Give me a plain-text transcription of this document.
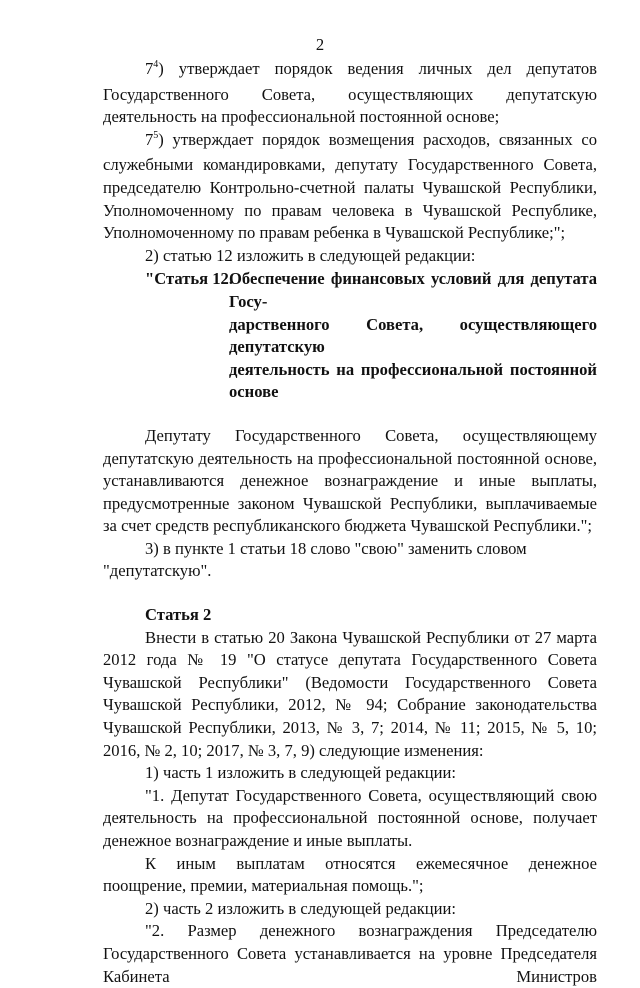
2

$7^4$) утверждает порядок ведения личных дел депутатов Государственного Совета, осуществляющих депутатскую деятельность на профессиональной постоянной основе;

$7^5$) утверждает порядок возмещения расходов, связанных со служебными командировками, депутату Государственного Совета, председателю Контрольно-счетной палаты Чувашской Республики, Уполномоченному по правам человека в Чувашской Республике, Уполномоченному по правам ребенка в Чувашской Республике;";

2) статью 12 изложить в следующей редакции:

"Статья 12.
Обеспечение финансовых условий для депутата Госу-
дарственного Совета, осуществляющего депутатскую
деятельность на профессиональной постоянной основе

Депутату Государственного Совета, осуществляющему депутатскую деятельность на профессиональной постоянной основе, устанавливаются денежное вознаграждение и иные выплаты, предусмотренные законом Чувашской Республики, выплачиваемые за счет средств республиканского бюджета Чувашской Республики.";

3) в пункте 1 статьи 18 слово "свою" заменить словом "депутатскую".

Статья 2

Внести в статью 20 Закона Чувашской Республики от 27 марта 2012 года № 19 "О статусе депутата Государственного Совета Чувашской Республики" (Ведомости Государственного Совета Чувашской Республики, 2012, № 94; Собрание законодательства Чувашской Республики, 2013, № 3, 7; 2014, № 11; 2015, № 5, 10; 2016, № 2, 10; 2017, № 3, 7, 9) следующие изменения:

1) часть 1 изложить в следующей редакции:

"1. Депутат Государственного Совета, осуществляющий свою деятельность на профессиональной постоянной основе, получает денежное вознаграждение и иные выплаты.

К иным выплатам относятся ежемесячное денежное поощрение, премии, материальная помощь.";

2) часть 2 изложить в следующей редакции:

"2. Размер денежного вознаграждения Председателю Государственного Совета устанавливается на уровне Председателя Кабинета Министров
